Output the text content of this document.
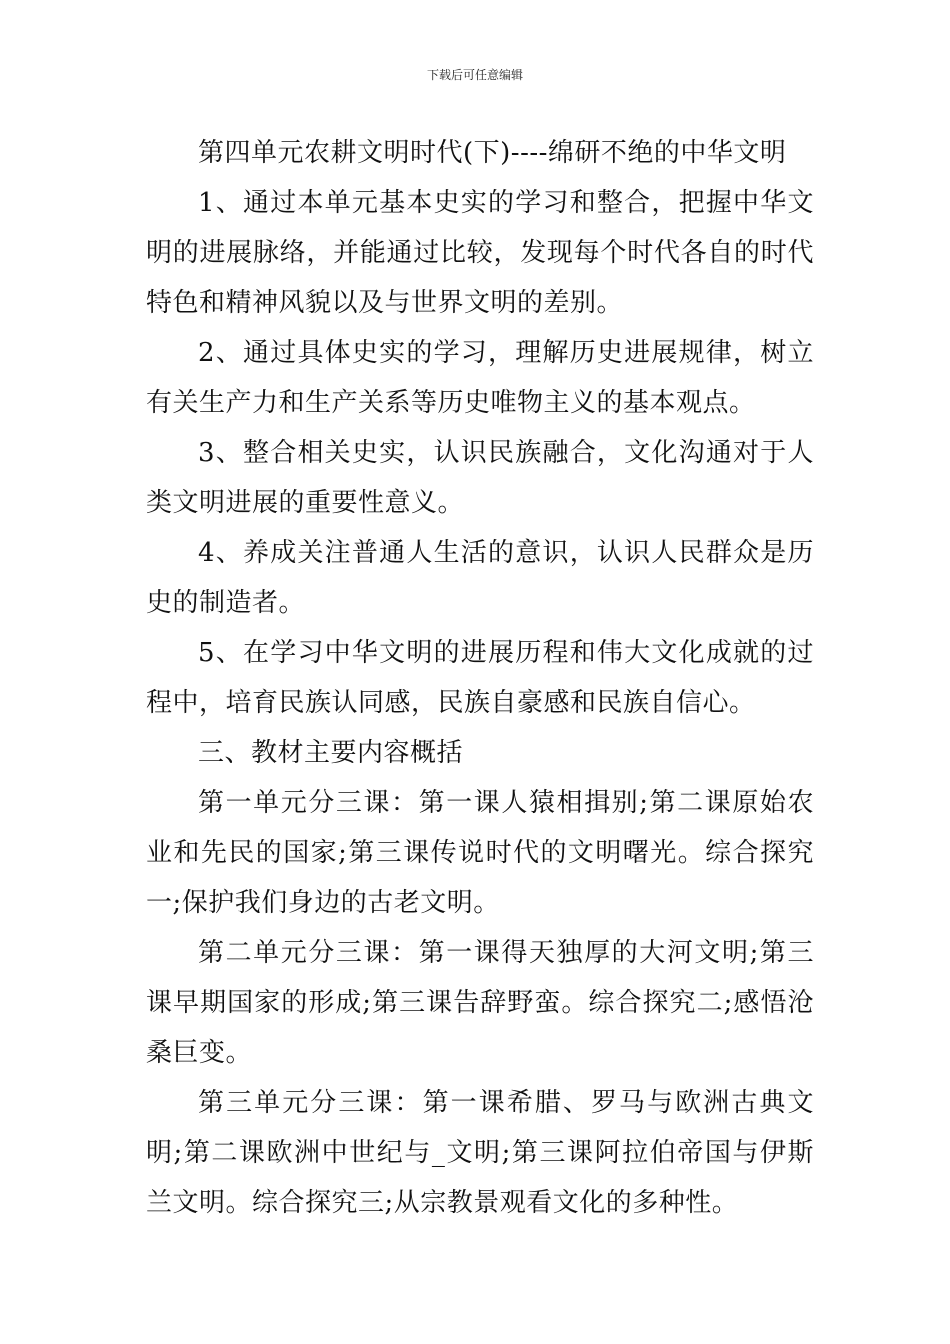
下载后可任意编辑

第四单元农耕文明时代(下)----绵研不绝的中华文明

1、通过本单元基本史实的学习和整合，把握中华文明的进展脉络，并能通过比较，发现每个时代各自的时代特色和精神风貌以及与世界文明的差别。

2、通过具体史实的学习，理解历史进展规律，树立有关生产力和生产关系等历史唯物主义的基本观点。

3、整合相关史实，认识民族融合，文化沟通对于人类文明进展的重要性意义。

4、养成关注普通人生活的意识，认识人民群众是历史的制造者。

5、在学习中华文明的进展历程和伟大文化成就的过程中，培育民族认同感，民族自豪感和民族自信心。

三、教材主要内容概括

第一单元分三课：第一课人猿相揖别;第二课原始农业和先民的国家;第三课传说时代的文明曙光。综合探究一;保护我们身边的古老文明。

第二单元分三课：第一课得天独厚的大河文明;第三课早期国家的形成;第三课告辞野蛮。综合探究二;感悟沧桑巨变。

第三单元分三课：第一课希腊、罗马与欧洲古典文明;第二课欧洲中世纪与_文明;第三课阿拉伯帝国与伊斯兰文明。综合探究三;从宗教景观看文化的多种性。
